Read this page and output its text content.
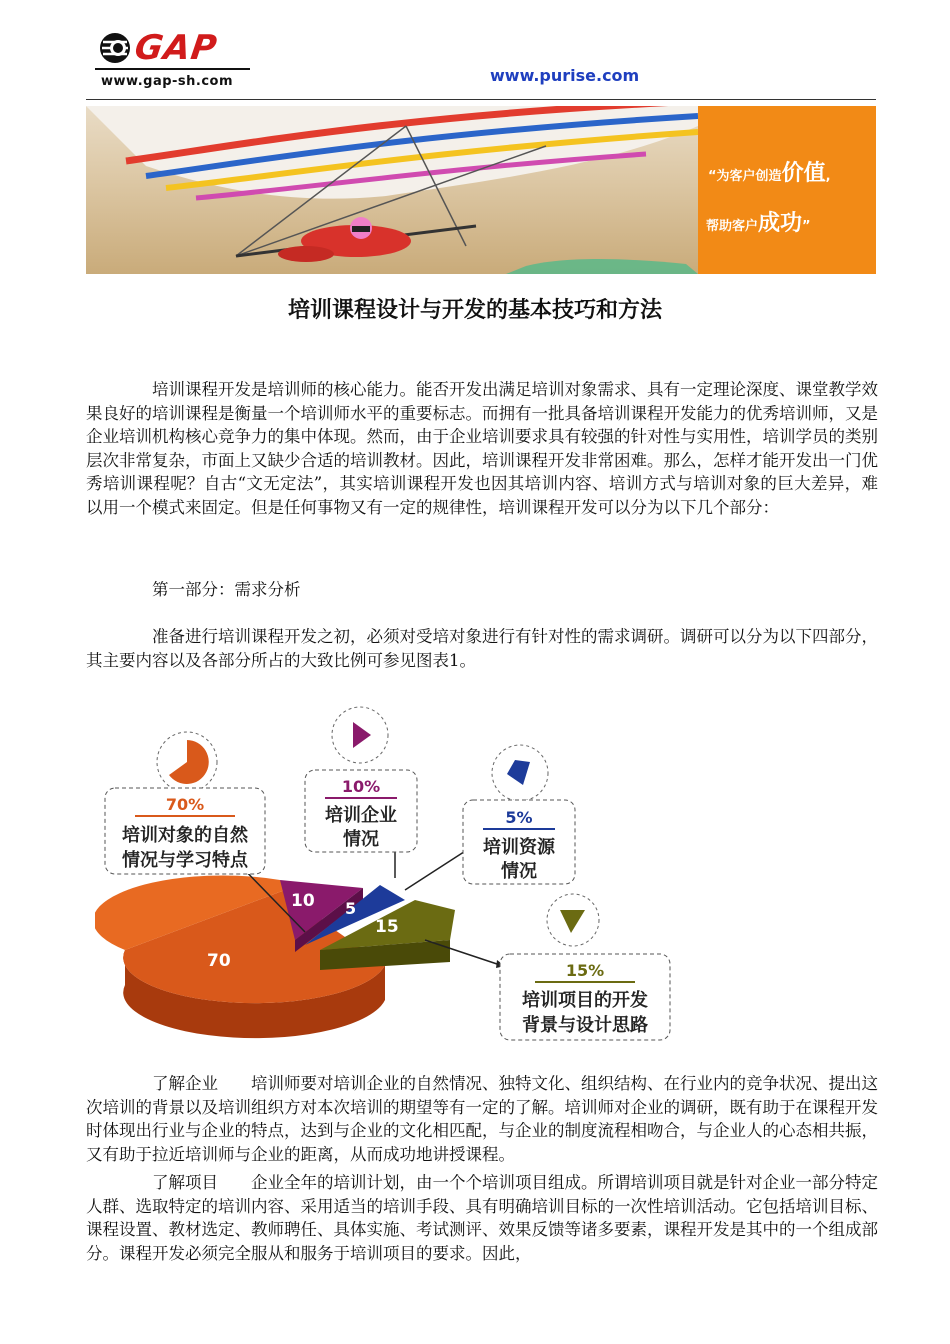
GAP
www.gap-sh.com	www.purise.com
“为客户创造价值,
帮助客户成功”
培训课程设计与开发的基本技巧和方法
培训课程开发是培训师的核心能力。能否开发出满足培训对象需求、具有一定理论深度、课堂教学效果良好的培训课程是衡量一个培训师水平的重要标志。而拥有一批具备培训课程开发能力的优秀培训师，又是企业培训机构核心竞争力的集中体现。然而，由于企业培训要求具有较强的针对性与实用性，培训学员的类别层次非常复杂，市面上又缺少合适的培训教材。因此，培训课程开发非常困难。那么，怎样才能开发出一门优秀培训课程呢？自古“文无定法”，其实培训课程开发也因其培训内容、培训方式与培训对象的巨大差异，难以用一个模式来固定。但是任何事物又有一定的规律性，培训课程开发可以分为以下几个部分：
第一部分：需求分析
准备进行培训课程开发之初，必须对受培对象进行有针对性的需求调研。调研可以分为以下四部分，其主要内容以及各部分所占的大致比例可参见图表1。
70
10 5
15
70%
培训对象的自然
情况与学习特点
10%
培训企业
情况
5%
培训资源
情况
15%
培训项目的开发
背景与设计思路
了解企业　　培训师要对培训企业的自然情况、独特文化、组织结构、在行业内的竞争状况、提出这次培训的背景以及培训组织方对本次培训的期望等有一定的了解。培训师对企业的调研，既有助于在课程开发时体现出行业与企业的特点，达到与企业的文化相匹配，与企业的制度流程相吻合，与企业人的心态相共振，又有助于拉近培训师与企业的距离，从而成功地讲授课程。
了解项目　　企业全年的培训计划，由一个个培训项目组成。所谓培训项目就是针对企业一部分特定人群、选取特定的培训内容、采用适当的培训手段、具有明确培训目标的一次性培训活动。它包括培训目标、课程设置、教材选定、教师聘任、具体实施、考试测评、效果反馈等诸多要素，课程开发是其中的一个组成部分。课程开发必须完全服从和服务于培训项目的要求。因此，
